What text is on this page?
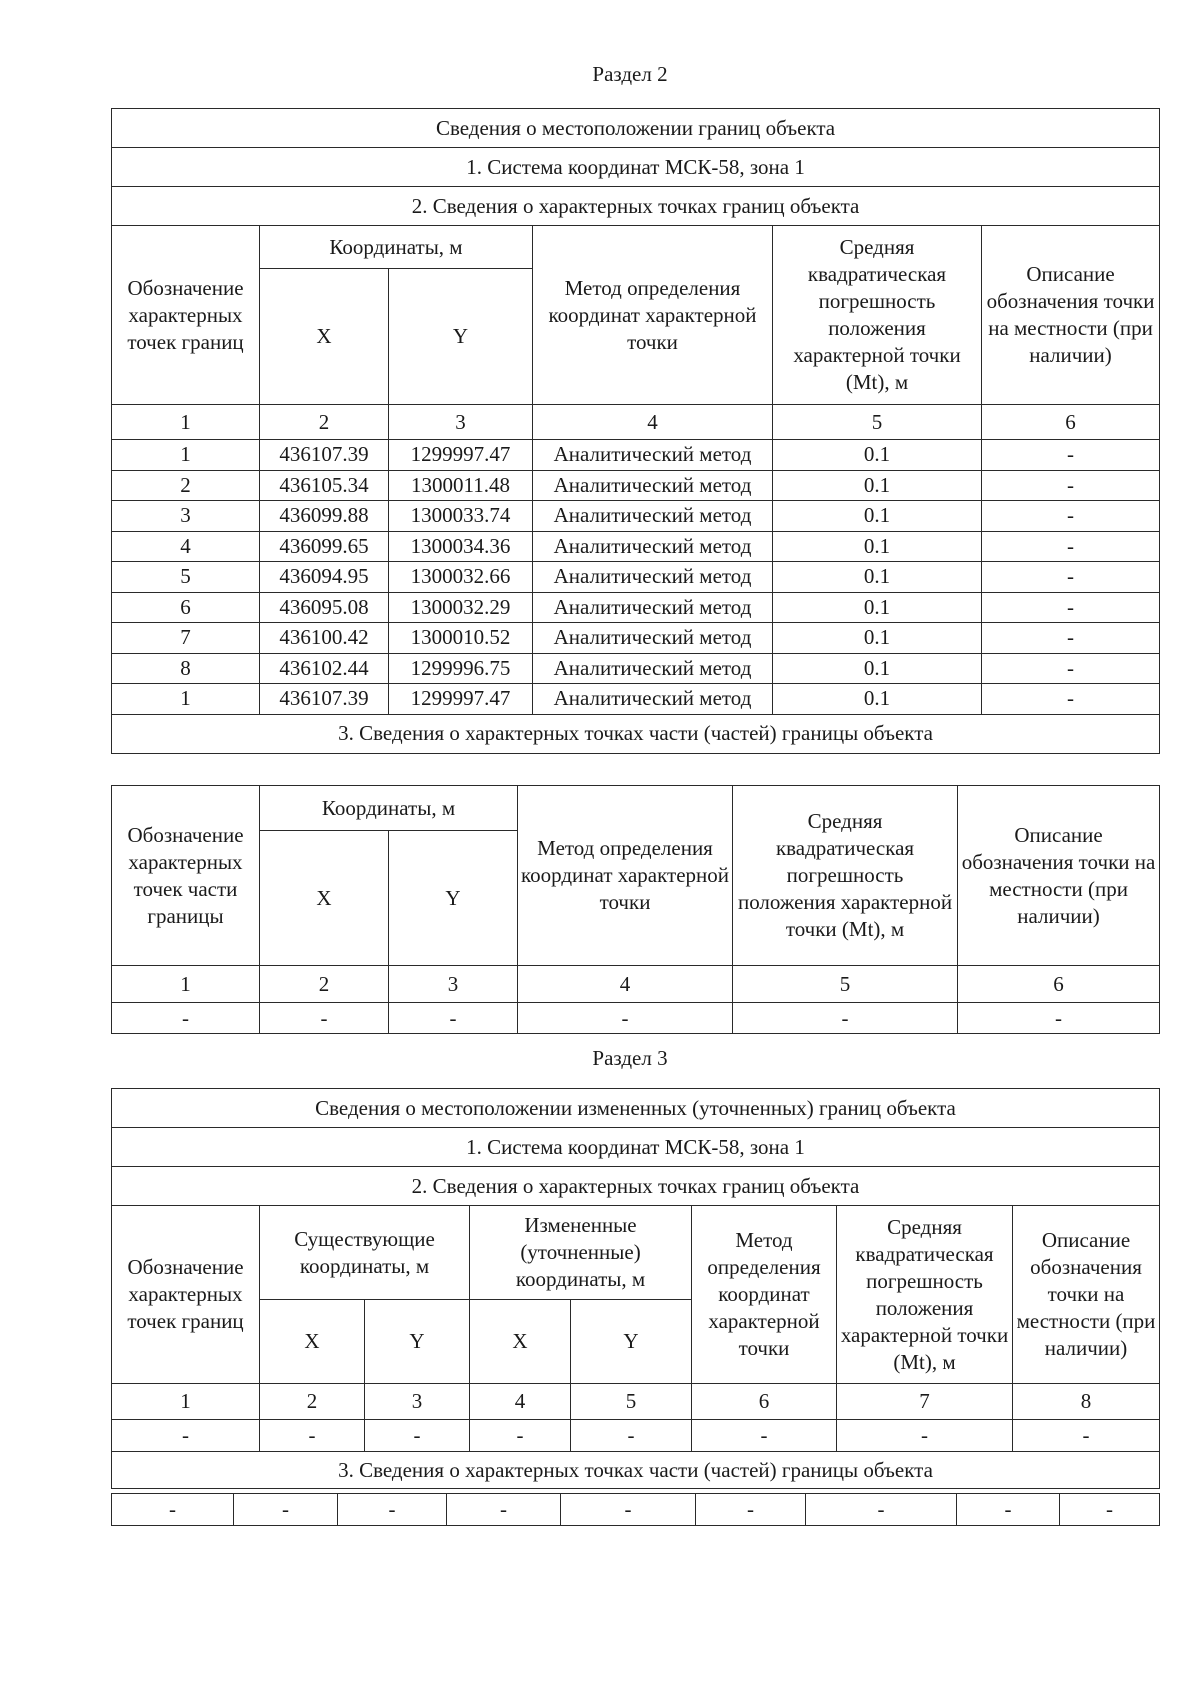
Раздел 2
Сведения о местоположении границ объекта					
1. Система координат МСК-58, зона 1					
2. Сведения о характерных точках границ объекта					
Обозначение характерных точек границ	Координаты, м		Метод определения координат характерной точки	Средняя квадратическая погрешность положения характерной точки (Mt), м	Описание обозначения точки на местности (при наличии)
	X	Y			
1	2	3	4	5	6
1	436107.39	1299997.47	Аналитический метод	0.1	-
2	436105.34	1300011.48	Аналитический метод	0.1	-
3	436099.88	1300033.74	Аналитический метод	0.1	-
4	436099.65	1300034.36	Аналитический метод	0.1	-
5	436094.95	1300032.66	Аналитический метод	0.1	-
6	436095.08	1300032.29	Аналитический метод	0.1	-
7	436100.42	1300010.52	Аналитический метод	0.1	-
8	436102.44	1299996.75	Аналитический метод	0.1	-
1	436107.39	1299997.47	Аналитический метод	0.1	-
3. Сведения о характерных точках части (частей) границы объекта					
Обозначение характерных точек части границы	Координаты, м		Метод определения координат характерной точки	Средняя квадратическая погрешность положения характерной точки (Mt), м	Описание обозначения точки на местности (при наличии)
	X	Y			
1	2	3	4	5	6
-	-	-	-	-	-
Раздел 3
Сведения о местоположении измененных (уточненных) границ объекта							
1. Система координат МСК-58, зона 1							
2. Сведения о характерных точках границ объекта							
Обозначение характерных точек границ	Существующие координаты, м		Измененные (уточненные) координаты, м		Метод определения координат характерной точки	Средняя квадратическая погрешность положения характерной точки (Mt), м	Описание обозначения точки на местности (при наличии)
	X	Y	X	Y			
1	2	3	4	5	6	7	8
-	-	-	-	-	-	-	-
3. Сведения о характерных точках части (частей) границы объекта							
-	-	-	-	-	-	-	-	-
